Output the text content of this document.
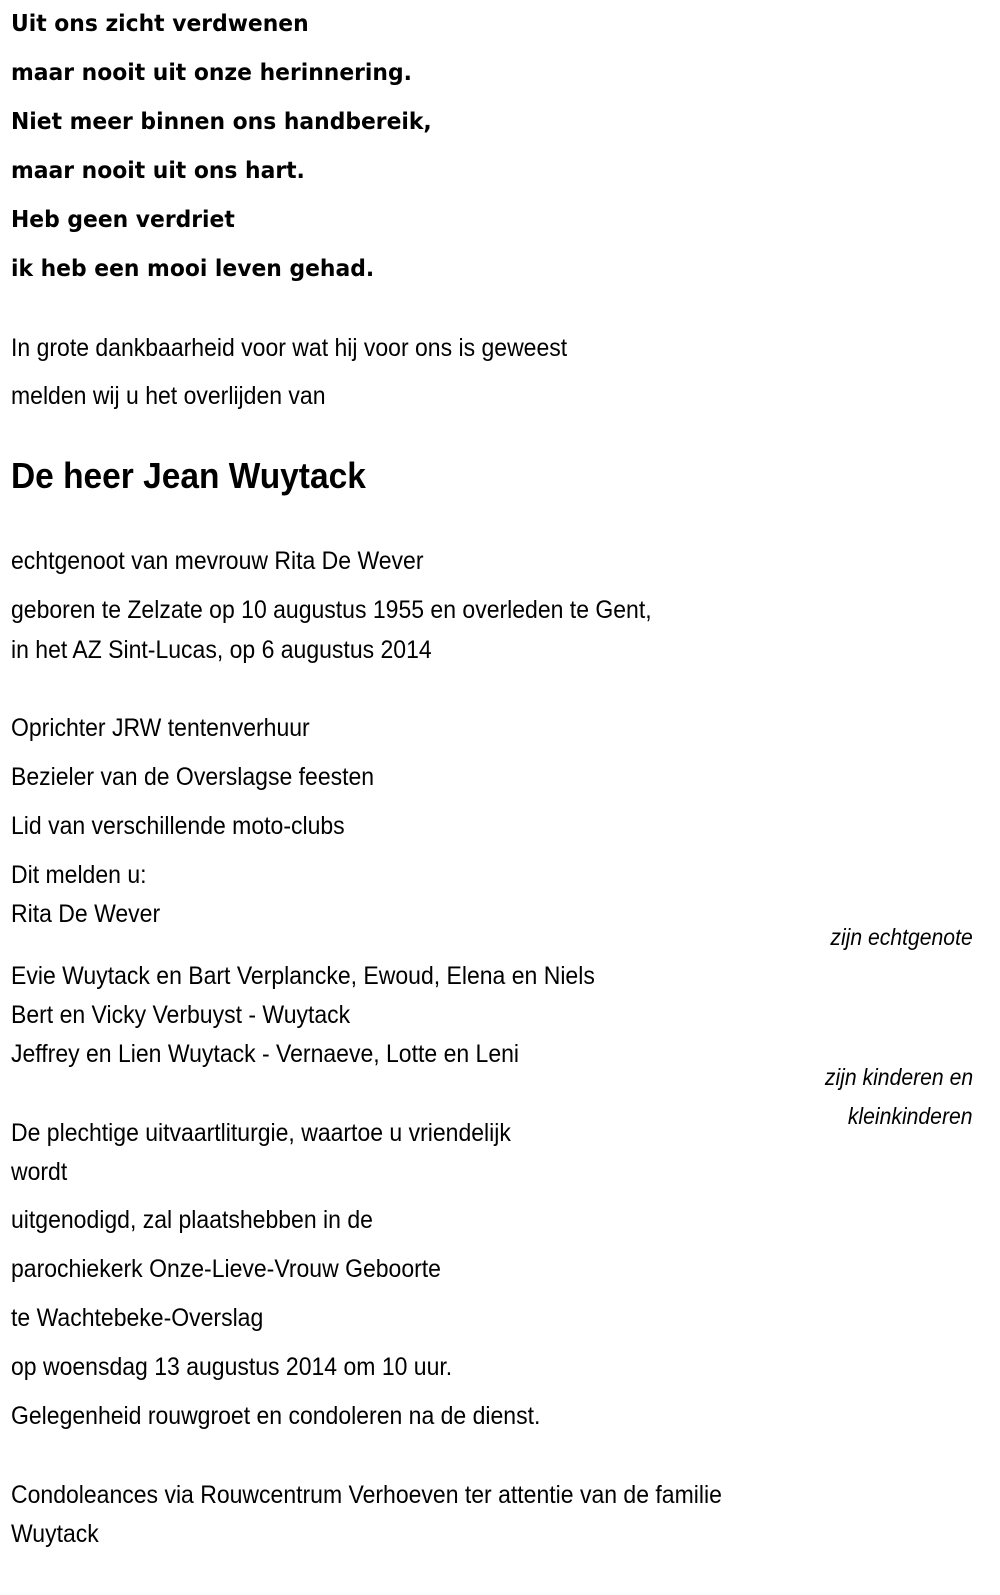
Uit ons zicht verdwenen
maar nooit uit onze herinnering.
Niet meer binnen ons handbereik,
maar nooit uit ons hart.
Heb geen verdriet
ik heb een mooi leven gehad.
In grote dankbaarheid voor wat hij voor ons is geweest
melden wij u het overlijden van
De heer Jean Wuytack
echtgenoot van mevrouw Rita De Wever
geboren te Zelzate op 10 augustus 1955 en overleden te Gent,
in het AZ Sint-Lucas, op 6 augustus 2014
Oprichter JRW tentenverhuur
Bezieler van de Overslagse feesten
Lid van verschillende moto-clubs
Dit melden u:
Rita De Wever
zijn echtgenote
Evie Wuytack en Bart Verplancke, Ewoud, Elena en Niels
Bert en Vicky Verbuyst - Wuytack
Jeffrey en Lien Wuytack - Vernaeve, Lotte en Leni
zijn kinderen en
kleinkinderen
De plechtige uitvaartliturgie, waartoe u vriendelijk
wordt
uitgenodigd, zal plaatshebben in de
parochiekerk Onze-Lieve-Vrouw Geboorte
te Wachtebeke-Overslag
op woensdag 13 augustus 2014 om 10 uur.
Gelegenheid rouwgroet en condoleren na de dienst.
Condoleances via Rouwcentrum Verhoeven ter attentie van de familie
Wuytack
